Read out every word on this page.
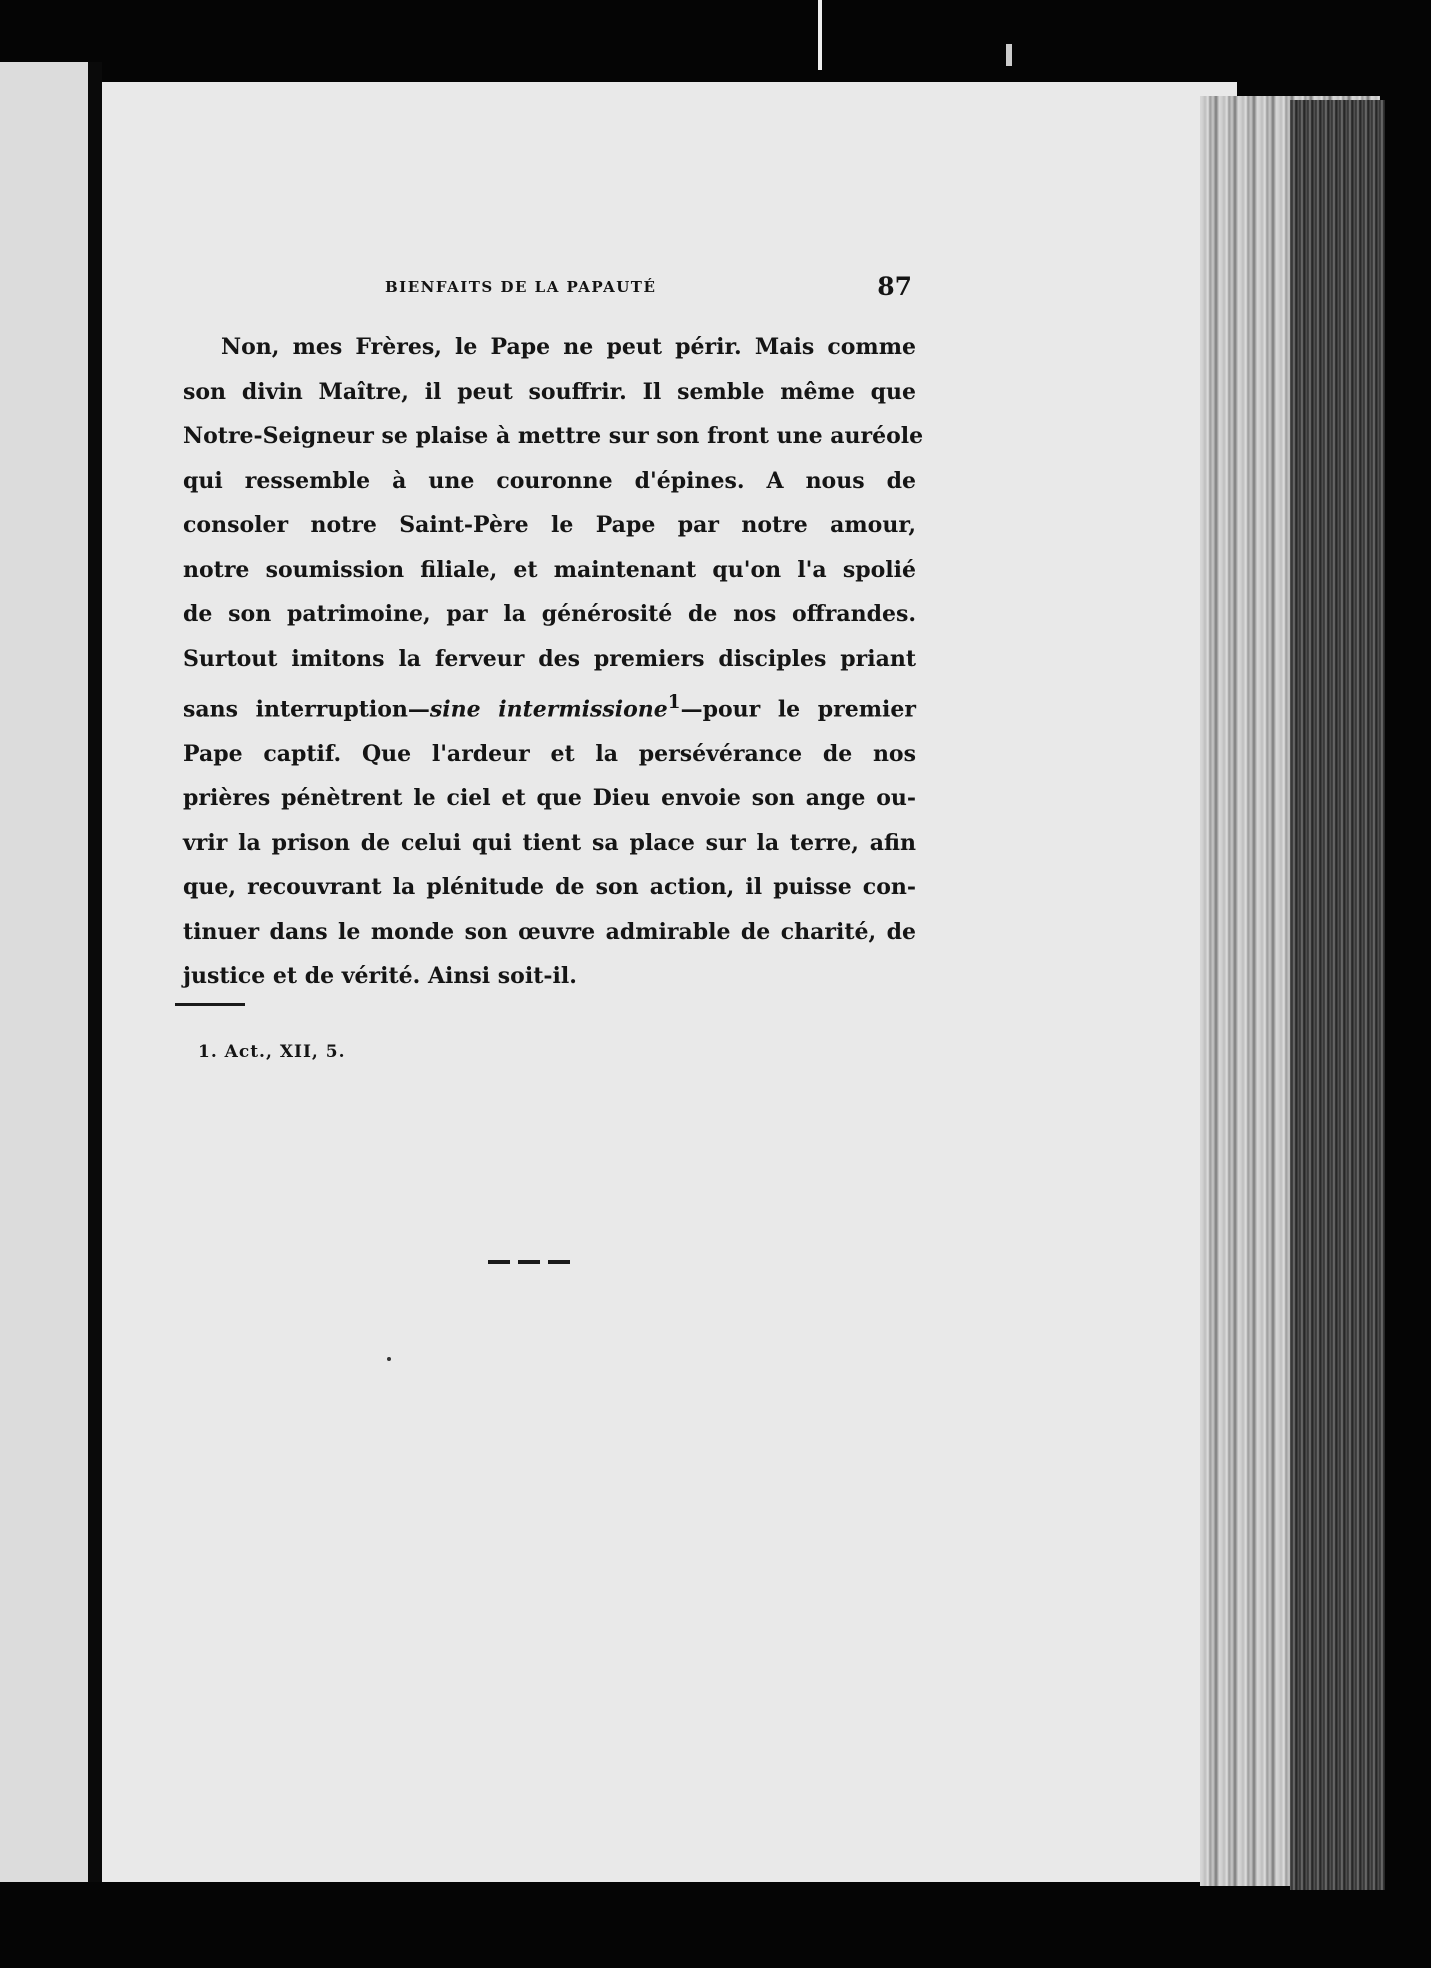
BIENFAITS DE LA PAPAUTÉ	87
Non, mes Frères, le Pape ne peut périr. Mais comme
son divin Maître, il peut souffrir. Il semble même que
Notre-Seigneur se plaise à mettre sur son front une auréole
qui ressemble à une couronne d'épines. A nous de
consoler notre Saint-Père le Pape par notre amour,
notre soumission filiale, et maintenant qu'on l'a spolié
de son patrimoine, par la générosité de nos offrandes.
Surtout imitons la ferveur des premiers disciples priant
sans interruption—sine intermissione$^1$—pour le premier
Pape captif. Que l'ardeur et la persévérance de nos
prières pénètrent le ciel et que Dieu envoie son ange ou-
vrir la prison de celui qui tient sa place sur la terre, afin
que, recouvrant la plénitude de son action, il puisse con-
tinuer dans le monde son œuvre admirable de charité, de
justice et de vérité. Ainsi soit-il.
1. Act., XII, 5.
